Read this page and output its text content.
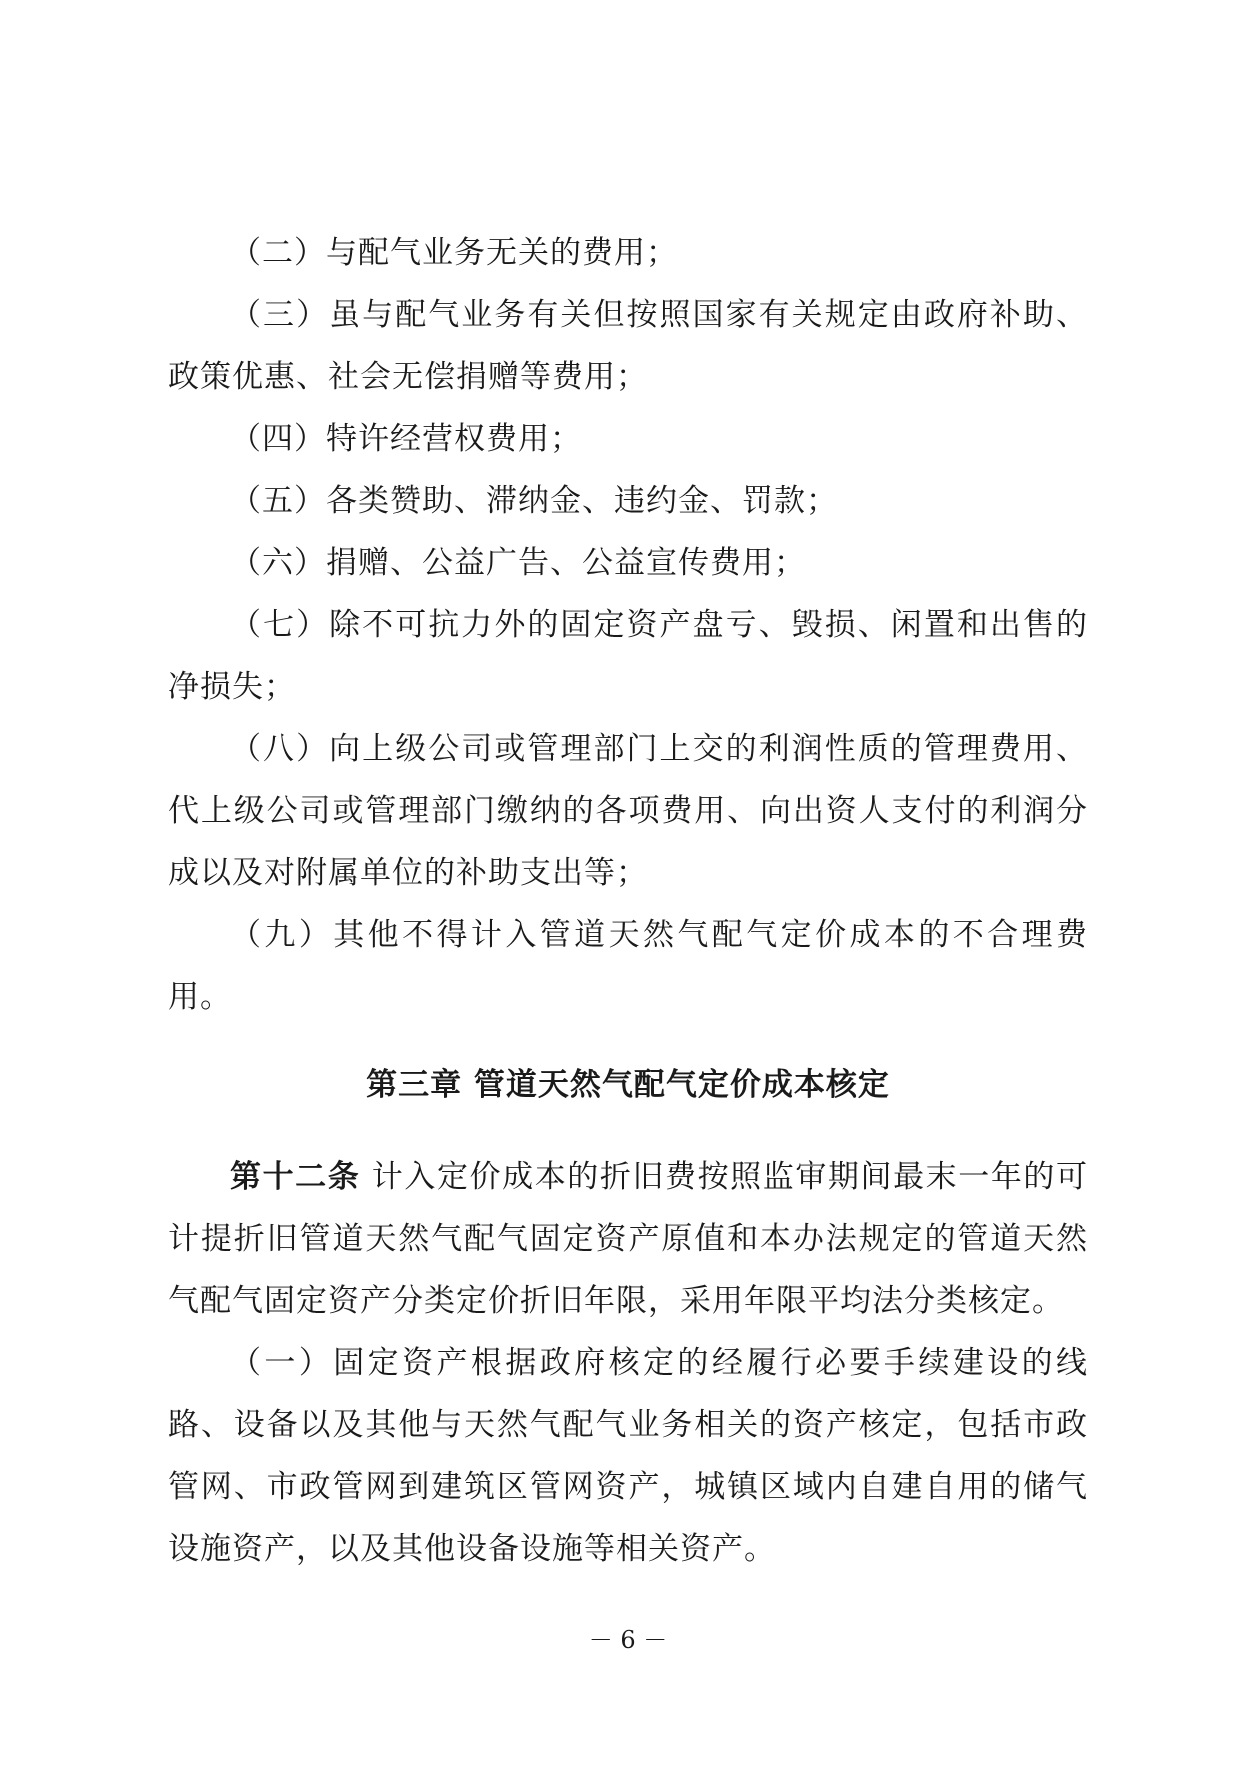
（二）与配气业务无关的费用；

（三）虽与配气业务有关但按照国家有关规定由政府补助、政策优惠、社会无偿捐赠等费用；

（四）特许经营权费用；

（五）各类赞助、滞纳金、违约金、罚款；

（六）捐赠、公益广告、公益宣传费用；

（七）除不可抗力外的固定资产盘亏、毁损、闲置和出售的净损失；

（八）向上级公司或管理部门上交的利润性质的管理费用、代上级公司或管理部门缴纳的各项费用、向出资人支付的利润分成以及对附属单位的补助支出等；

（九）其他不得计入管道天然气配气定价成本的不合理费用。

第三章 管道天然气配气定价成本核定

第十二条 计入定价成本的折旧费按照监审期间最末一年的可计提折旧管道天然气配气固定资产原值和本办法规定的管道天然气配气固定资产分类定价折旧年限，采用年限平均法分类核定。

（一）固定资产根据政府核定的经履行必要手续建设的线路、设备以及其他与天然气配气业务相关的资产核定，包括市政管网、市政管网到建筑区管网资产，城镇区域内自建自用的储气设施资产，以及其他设备设施等相关资产。

－ 6 －
